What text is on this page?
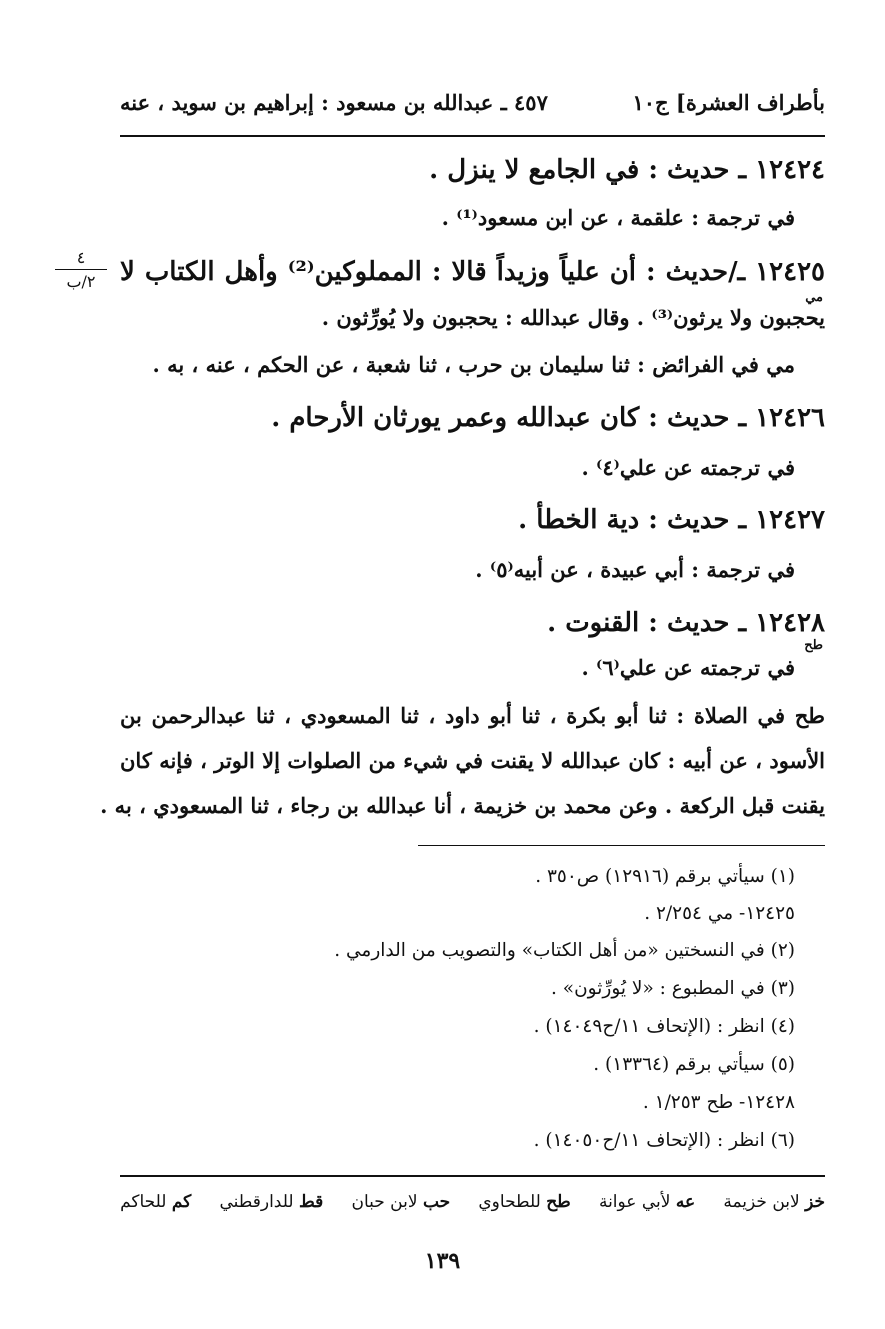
بأطراف العشرة] ج١٠
٤٥٧ ـ عبدالله بن مسعود : إبراهيم بن سويد ، عنه
١٢٤٢٤ ـ حديث : في الجامع لا ينزل .
في ترجمة : علقمة ، عن ابن مسعود⁽¹⁾ .
٤
٢/ب ١٢٤٢٥ ـ/حديث : أن علياً وزيداً قالا : المملوكين⁽²⁾ وأهل الكتاب لا
مي
يحجبون ولا يرثون⁽³⁾ . وقال عبدالله : يحجبون ولا يُورِّثون .
مي في الفرائض : ثنا سليمان بن حرب ، ثنا شعبة ، عن الحكم ، عنه ، به .
١٢٤٢٦ ـ حديث : كان عبدالله وعمر يورثان الأرحام .
في ترجمته عن علي⁽٤⁾ .
١٢٤٢٧ ـ حديث : دية الخطأ .
في ترجمة : أبي عبيدة ، عن أبيه⁽٥⁾ .
١٢٤٢٨ ـ حديث : القنوت .
طح
في ترجمته عن علي⁽٦⁾ .
طح في الصلاة : ثنا أبو بكرة ، ثنا أبو داود ، ثنا المسعودي ، ثنا عبدالرحمن بن
الأسود ، عن أبيه : كان عبدالله لا يقنت في شيء من الصلوات إلا الوتر ، فإنه كان
يقنت قبل الركعة . وعن محمد بن خزيمة ، أنا عبدالله بن رجاء ، ثنا المسعودي ، به .
(١) سيأتي برقم (١٢٩١٦) ص٣٥٠ .
١٢٤٢٥- مي ٢/٢٥٤ .
(٢) في النسختين «من أهل الكتاب» والتصويب من الدارمي .
(٣) في المطبوع : «لا يُورِّثون» .
(٤) انظر : (الإتحاف ١١/ح١٤٠٤٩) .
(٥) سيأتي برقم (١٣٣٦٤) .
١٢٤٢٨- طح ١/٢٥٣ .
(٦) انظر : (الإتحاف ١١/ح١٤٠٥٠) .
خز لابن خزيمة
عه لأبي عوانة
طح للطحاوي
حب لابن حبان
قط للدارقطني
كم للحاكم
١٣٩
